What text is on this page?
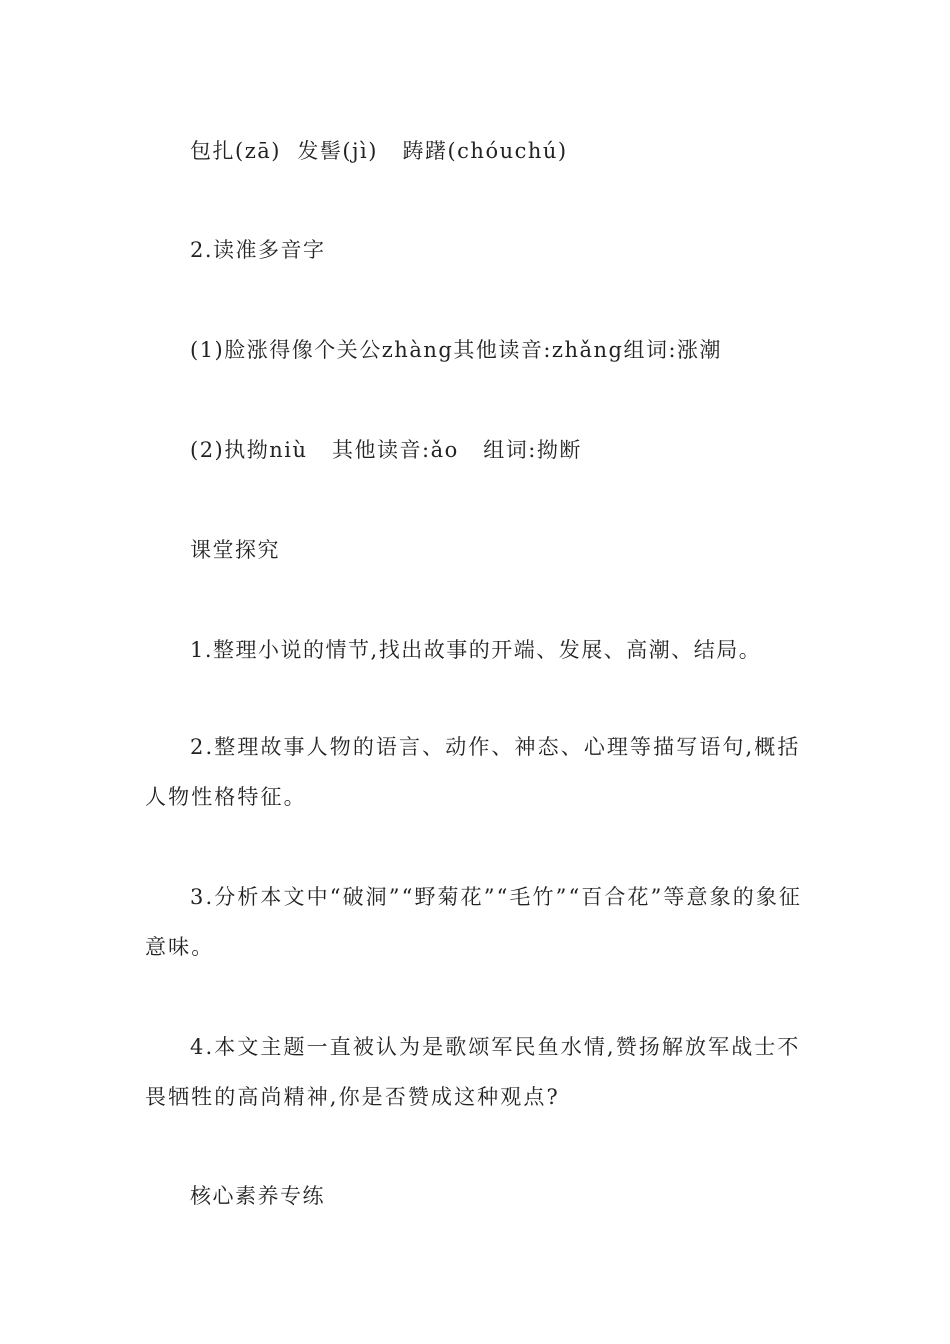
包扎(zā)  发髻(jì)   踌躇(chóuchú)
2.读准多音字
(1)脸涨得像个关公zhàng其他读音:zhǎng组词:涨潮
(2)执拗niù   其他读音:ǎo   组词:拗断
课堂探究
1.整理小说的情节,找出故事的开端、发展、高潮、结局。
2.整理故事人物的语言、动作、神态、心理等描写语句,概括人物性格特征。
3.分析本文中“破洞”“野菊花”“毛竹”“百合花”等意象的象征意味。
4.本文主题一直被认为是歌颂军民鱼水情,赞扬解放军战士不畏牺牲的高尚精神,你是否赞成这种观点?
核心素养专练
